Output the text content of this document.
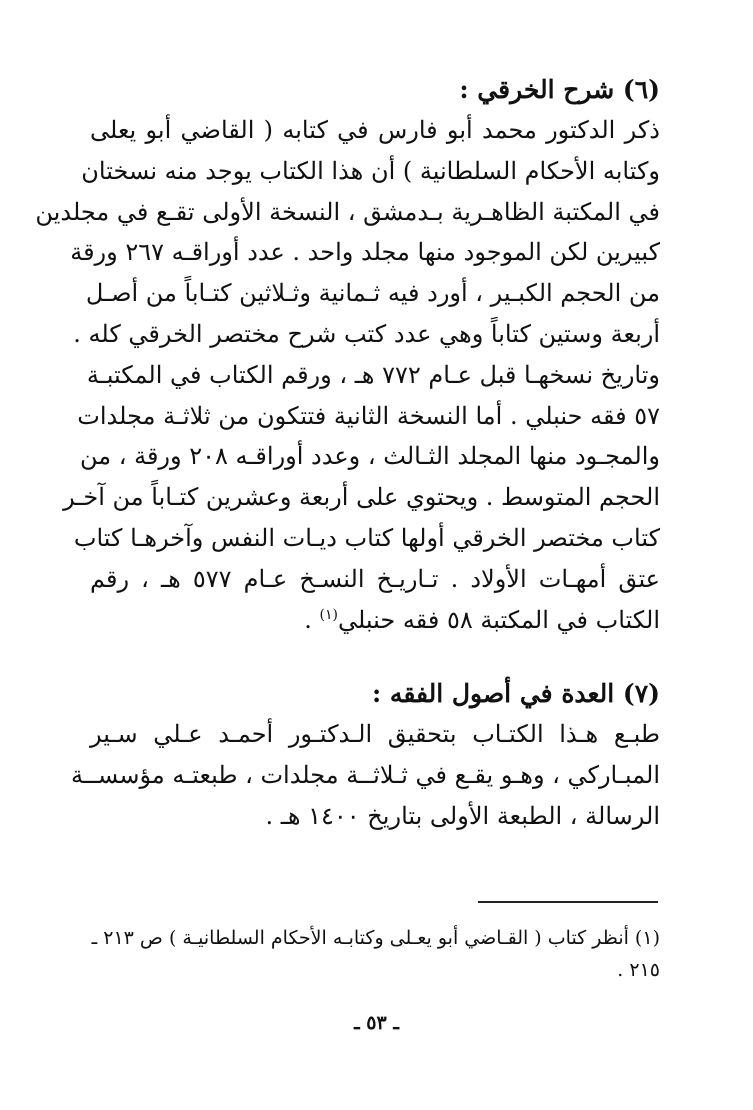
(٦) شرح الخرقي :
ذكر الدكتور محمد أبو فارس في كتابه ( القاضي أبو يعلى
وكتابه الأحكام السلطانية ) أن هذا الكتاب يوجد منه نسختان
في المكتبة الظاهـرية بـدمشق ، النسخة الأولى تقـع في مجلدين
كبيرين لكن الموجود منها مجلد واحد . عدد أوراقـه ٢٦٧ ورقة
من الحجم الكبـير ، أورد فيه ثـمانية وثـلاثين كتـاباً من أصـل
أربعة وستين كتاباً وهي عدد كتب شرح مختصر الخرقي كله .
وتاريخ نسخهـا قبل عـام ٧٧٢ هـ ، ورقم الكتاب في المكتبـة
٥٧ فقه حنبلي . أما النسخة الثانية فتتكون من ثلاثـة مجلدات
والمجـود منها المجلد الثـالث ، وعدد أوراقـه ٢٠٨ ورقة ، من
الحجم المتوسط . ويحتوي على أربعة وعشرين كتـاباً من آخـر
كتاب مختصر الخرقي أولها كتاب ديـات النفس وآخرهـا كتاب
عتق أمهـات الأولاد . تـاريـخ النسـخ عـام ٥٧٧ هـ ، رقم
الكتاب في المكتبة ٥٨ فقه حنبلي$^{(١)}$ .
(٧) العدة في أصول الفقه :
طبـع هـذا الكتـاب بتحقيق الـدكتـور أحمـد عـلي سـير
المبـاركي ، وهـو يقـع في ثـلاثــة مجلدات ، طبعتـه مؤسســة
الرسالة ، الطبعة الأولى بتاريخ ١٤٠٠ هـ .
(١) أنظر كتاب ( القـاضي أبو يعـلى وكتابـه الأحكام السلطانيـة ) ص ٢١٣ ـ
٢١٥ .
ـ ٥٣ ـ
